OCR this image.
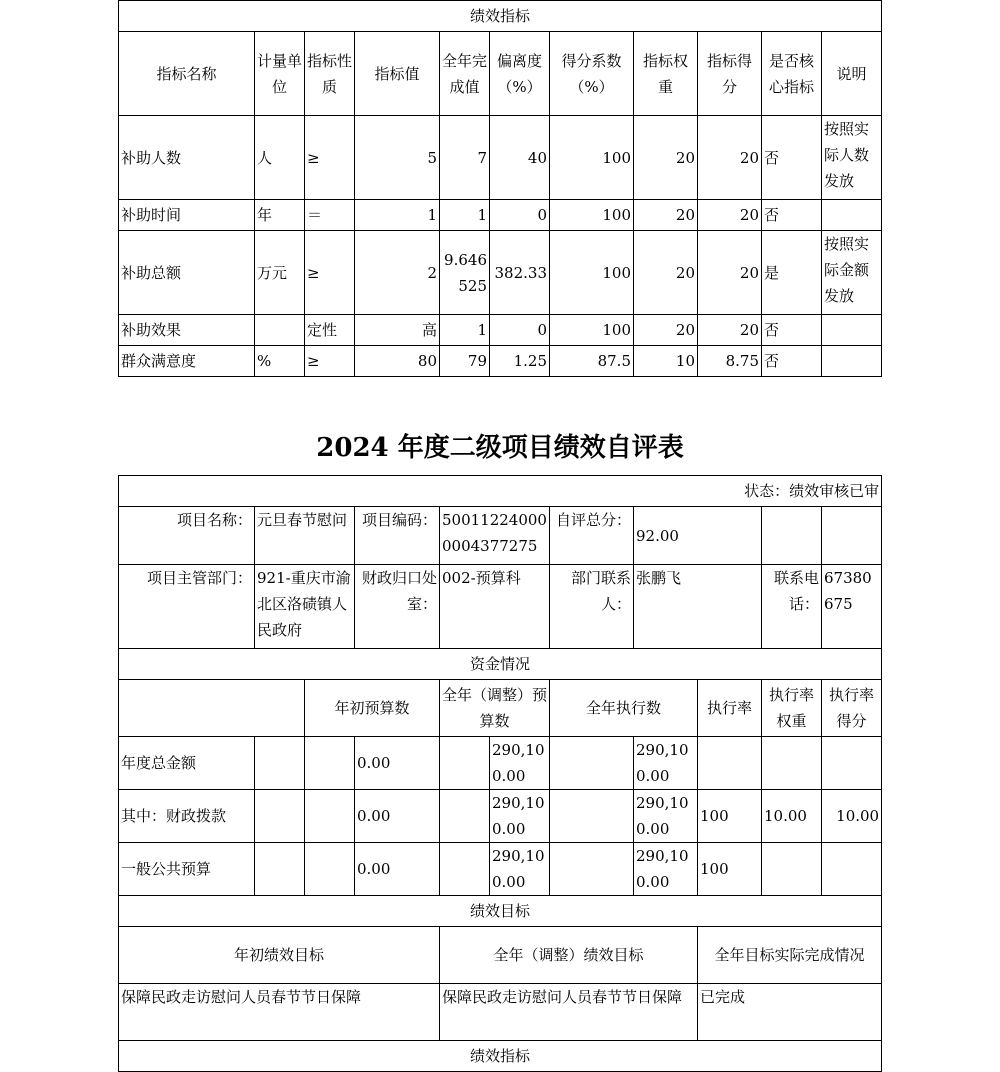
绩效指标										
指标名称	计量单位	指标性质	指标值	全年完成值	偏离度（%）	得分系数（%）	指标权重	指标得分	是否核心指标	说明
补助人数	人	≥	5	7	40	100	20	20	否	按照实际人数发放
补助时间	年	＝	1	1	0	100	20	20	否	
补助总额	万元	≥	2	9.646525	382.33	100	20	20	是	按照实际金额发放
补助效果		定性	高	1	0	100	20	20	否	
群众满意度	%	≥	80	79	1.25	87.5	10	8.75	否	
2024 年度二级项目绩效自评表
状态：绩效审核已审										
项目名称：	元旦春节慰问		项目编码：	500112240000004377275		自评总分：	92.00			
项目主管部门：	921-重庆市渝北区洛碛镇人民政府		财政归口处室：	002-预算科		部门联系人：	张鹏飞		联系电话：	67380675
资金情况										
		年初预算数		全年（调整）预算数		全年执行数		执行率	执行率权重	执行率得分
年度总金额			0.00		290,100.00		290,100.00			
其中：财政拨款			0.00		290,100.00		290,100.00	100	10.00	10.00
一般公共预算			0.00		290,100.00		290,100.00	100		
绩效目标										
年初绩效目标				全年（调整）绩效目标				全年目标实际完成情况		
保障民政走访慰问人员春节节日保障				保障民政走访慰问人员春节节日保障				已完成		
绩效指标										
